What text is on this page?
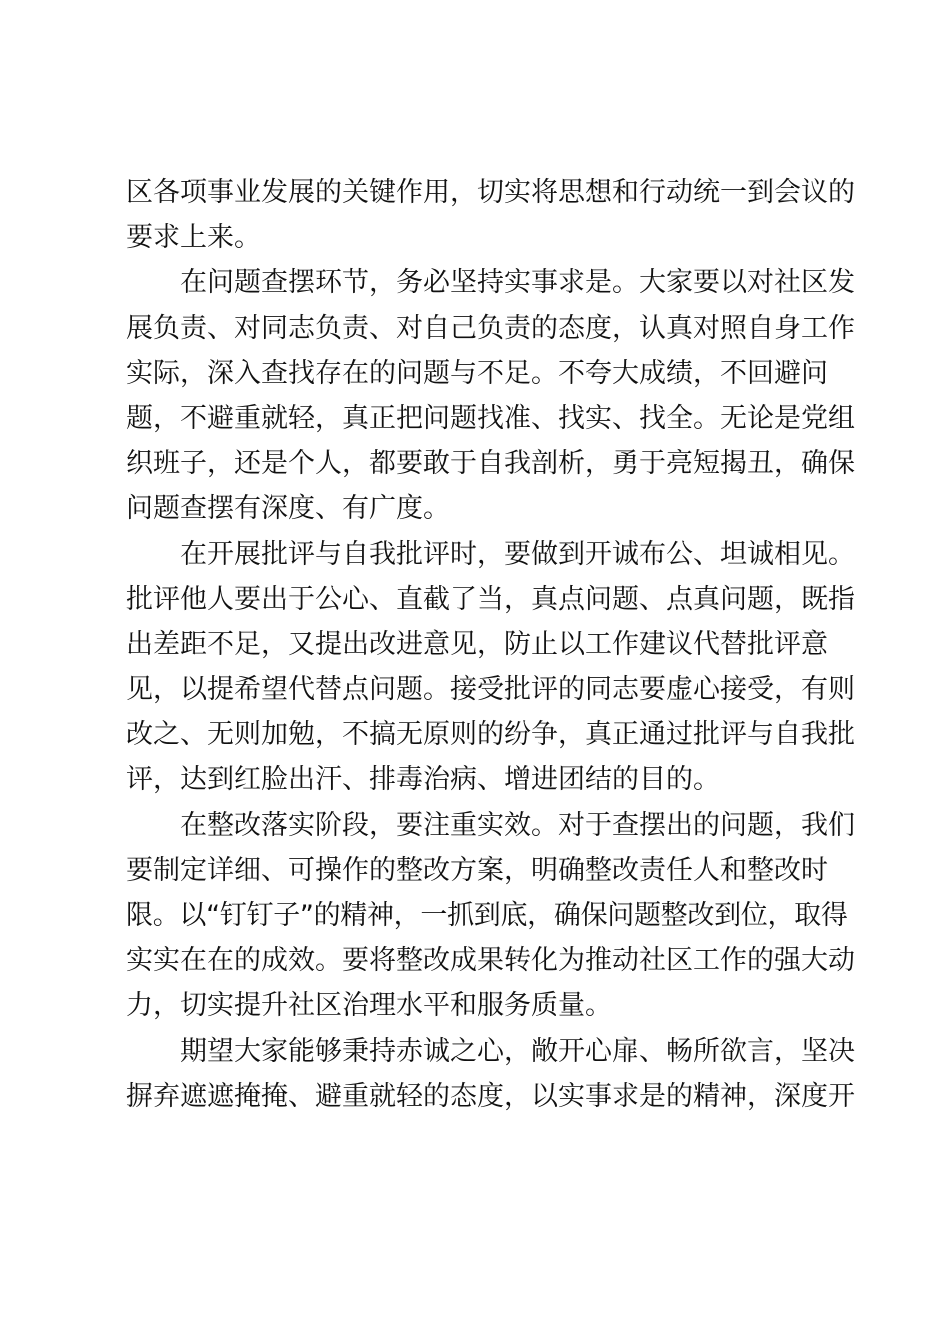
区各项事业发展的关键作用，切实将思想和行动统一到会议的
要求上来。
在问题查摆环节，务必坚持实事求是。大家要以对社区发
展负责、对同志负责、对自己负责的态度，认真对照自身工作
实际，深入查找存在的问题与不足。不夸大成绩，不回避问
题，不避重就轻，真正把问题找准、找实、找全。无论是党组
织班子，还是个人，都要敢于自我剖析，勇于亮短揭丑，确保
问题查摆有深度、有广度。
在开展批评与自我批评时，要做到开诚布公、坦诚相见。
批评他人要出于公心、直截了当，真点问题、点真问题，既指
出差距不足，又提出改进意见，防止以工作建议代替批评意
见，以提希望代替点问题。接受批评的同志要虚心接受，有则
改之、无则加勉，不搞无原则的纷争，真正通过批评与自我批
评，达到红脸出汗、排毒治病、增进团结的目的。
在整改落实阶段，要注重实效。对于查摆出的问题，我们
要制定详细、可操作的整改方案，明确整改责任人和整改时
限。以“钉钉子”的精神，一抓到底，确保问题整改到位，取得
实实在在的成效。要将整改成果转化为推动社区工作的强大动
力，切实提升社区治理水平和服务质量。
期望大家能够秉持赤诚之心，敞开心扉、畅所欲言，坚决
摒弃遮遮掩掩、避重就轻的态度，以实事求是的精神，深度开
